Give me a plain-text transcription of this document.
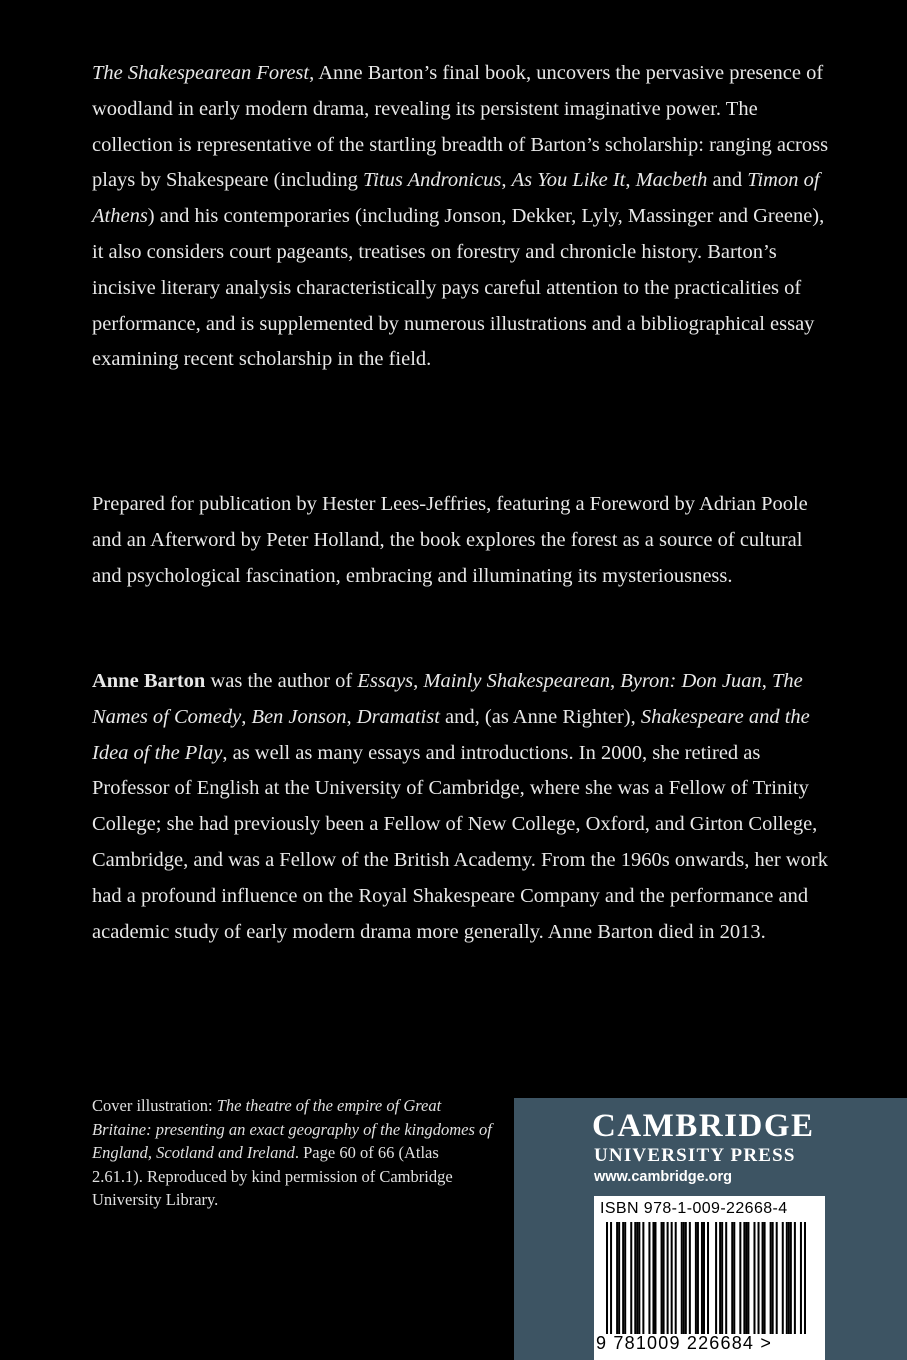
The Shakespearean Forest, Anne Barton’s final book, uncovers the pervasive presence of woodland in early modern drama, revealing its persistent imaginative power. The collection is representative of the startling breadth of Barton’s scholarship: ranging across plays by Shakespeare (including Titus Andronicus, As You Like It, Macbeth and Timon of Athens) and his contemporaries (including Jonson, Dekker, Lyly, Massinger and Greene), it also considers court pageants, treatises on forestry and chronicle history. Barton’s incisive literary analysis characteristically pays careful attention to the practicalities of performance, and is supplemented by numerous illustrations and a bibliographical essay examining recent scholarship in the field.

Prepared for publication by Hester Lees-Jeffries, featuring a Foreword by Adrian Poole and an Afterword by Peter Holland, the book explores the forest as a source of cultural and psychological fascination, embracing and illuminating its mysteriousness.

Anne Barton was the author of Essays, Mainly Shakespearean, Byron: Don Juan, The Names of Comedy, Ben Jonson, Dramatist and, (as Anne Righter), Shakespeare and the Idea of the Play, as well as many essays and introductions. In 2000, she retired as Professor of English at the University of Cambridge, where she was a Fellow of Trinity College; she had previously been a Fellow of New College, Oxford, and Girton College, Cambridge, and was a Fellow of the British Academy. From the 1960s onwards, her work had a profound influence on the Royal Shakespeare Company and the performance and academic study of early modern drama more generally. Anne Barton died in 2013.

Cover illustration: The theatre of the empire of Great Britaine: presenting an exact geography of the kingdomes of England, Scotland and Ireland. Page 60 of 66 (Atlas 2.61.1). Reproduced by kind permission of Cambridge University Library.

CAMBRIDGE
UNIVERSITY PRESS
www.cambridge.org
ISBN 978-1-009-22668-4
9 781009 226684 >
